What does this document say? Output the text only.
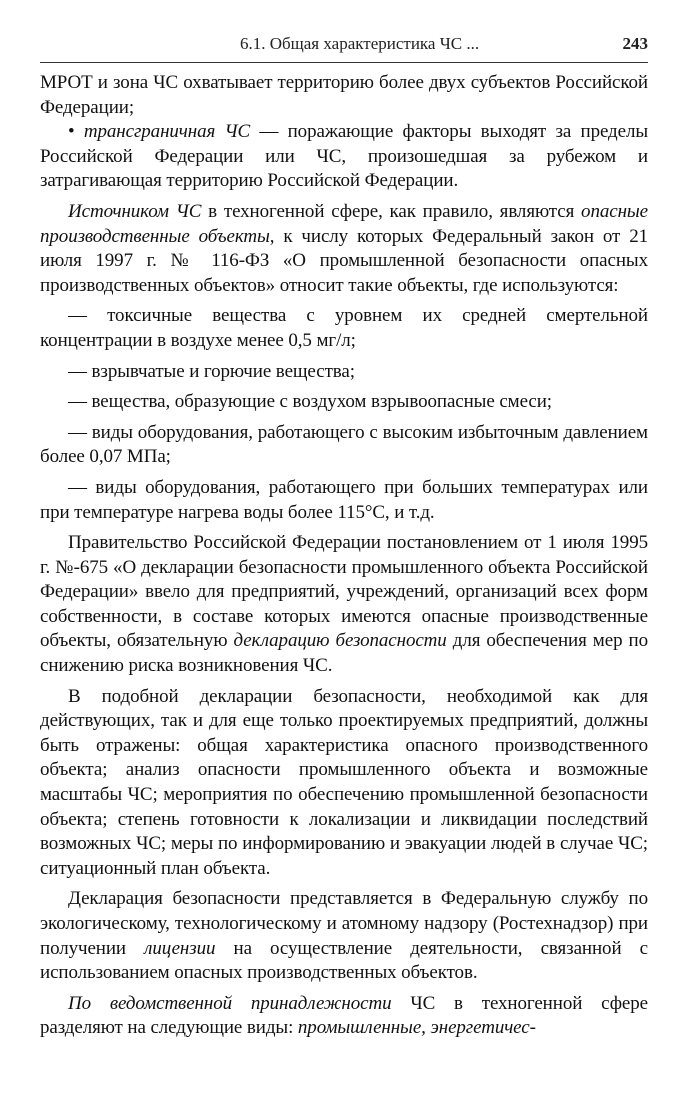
6.1. Общая характеристика ЧС ...	243

МРОТ и зона ЧС охватывает территорию более двух субъектов Российской Федерации;

• трансграничная ЧС — поражающие факторы выходят за пределы Российской Федерации или ЧС, произошедшая за рубежом и затрагивающая территорию Российской Федерации.

Источником ЧС в техногенной сфере, как правило, являются опасные производственные объекты, к числу которых Федеральный закон от 21 июля 1997 г. № 116-ФЗ «О промышленной безопасности опасных производственных объектов» относит такие объекты, где используются:

— токсичные вещества с уровнем их средней смертельной концентрации в воздухе менее 0,5 мг/л;

— взрывчатые и горючие вещества;

— вещества, образующие с воздухом взрывоопасные смеси;

— виды оборудования, работающего с высоким избыточным давлением более 0,07 МПа;

— виды оборудования, работающего при больших температурах или при температуре нагрева воды более 115°С, и т.д.

Правительство Российской Федерации постановлением от 1 июля 1995 г. №-675 «О декларации безопасности промышленного объекта Российской Федерации» ввело для предприятий, учреждений, организаций всех форм собственности, в составе которых имеются опасные производственные объекты, обязательную декларацию безопасности для обеспечения мер по снижению риска возникновения ЧС.

В подобной декларации безопасности, необходимой как для действующих, так и для еще только проектируемых предприятий, должны быть отражены: общая характеристика опасного производственного объекта; анализ опасности промышленного объекта и возможные масштабы ЧС; мероприятия по обеспечению промышленной безопасности объекта; степень готовности к локализации и ликвидации последствий возможных ЧС; меры по информированию и эвакуации людей в случае ЧС; ситуационный план объекта.

Декларация безопасности представляется в Федеральную службу по экологическому, технологическому и атомному надзору (Ростехнадзор) при получении лицензии на осуществление деятельности, связанной с использованием опасных производственных объектов.

По ведомственной принадлежности ЧС в техногенной сфере разделяют на следующие виды: промышленные, энергетичес-
